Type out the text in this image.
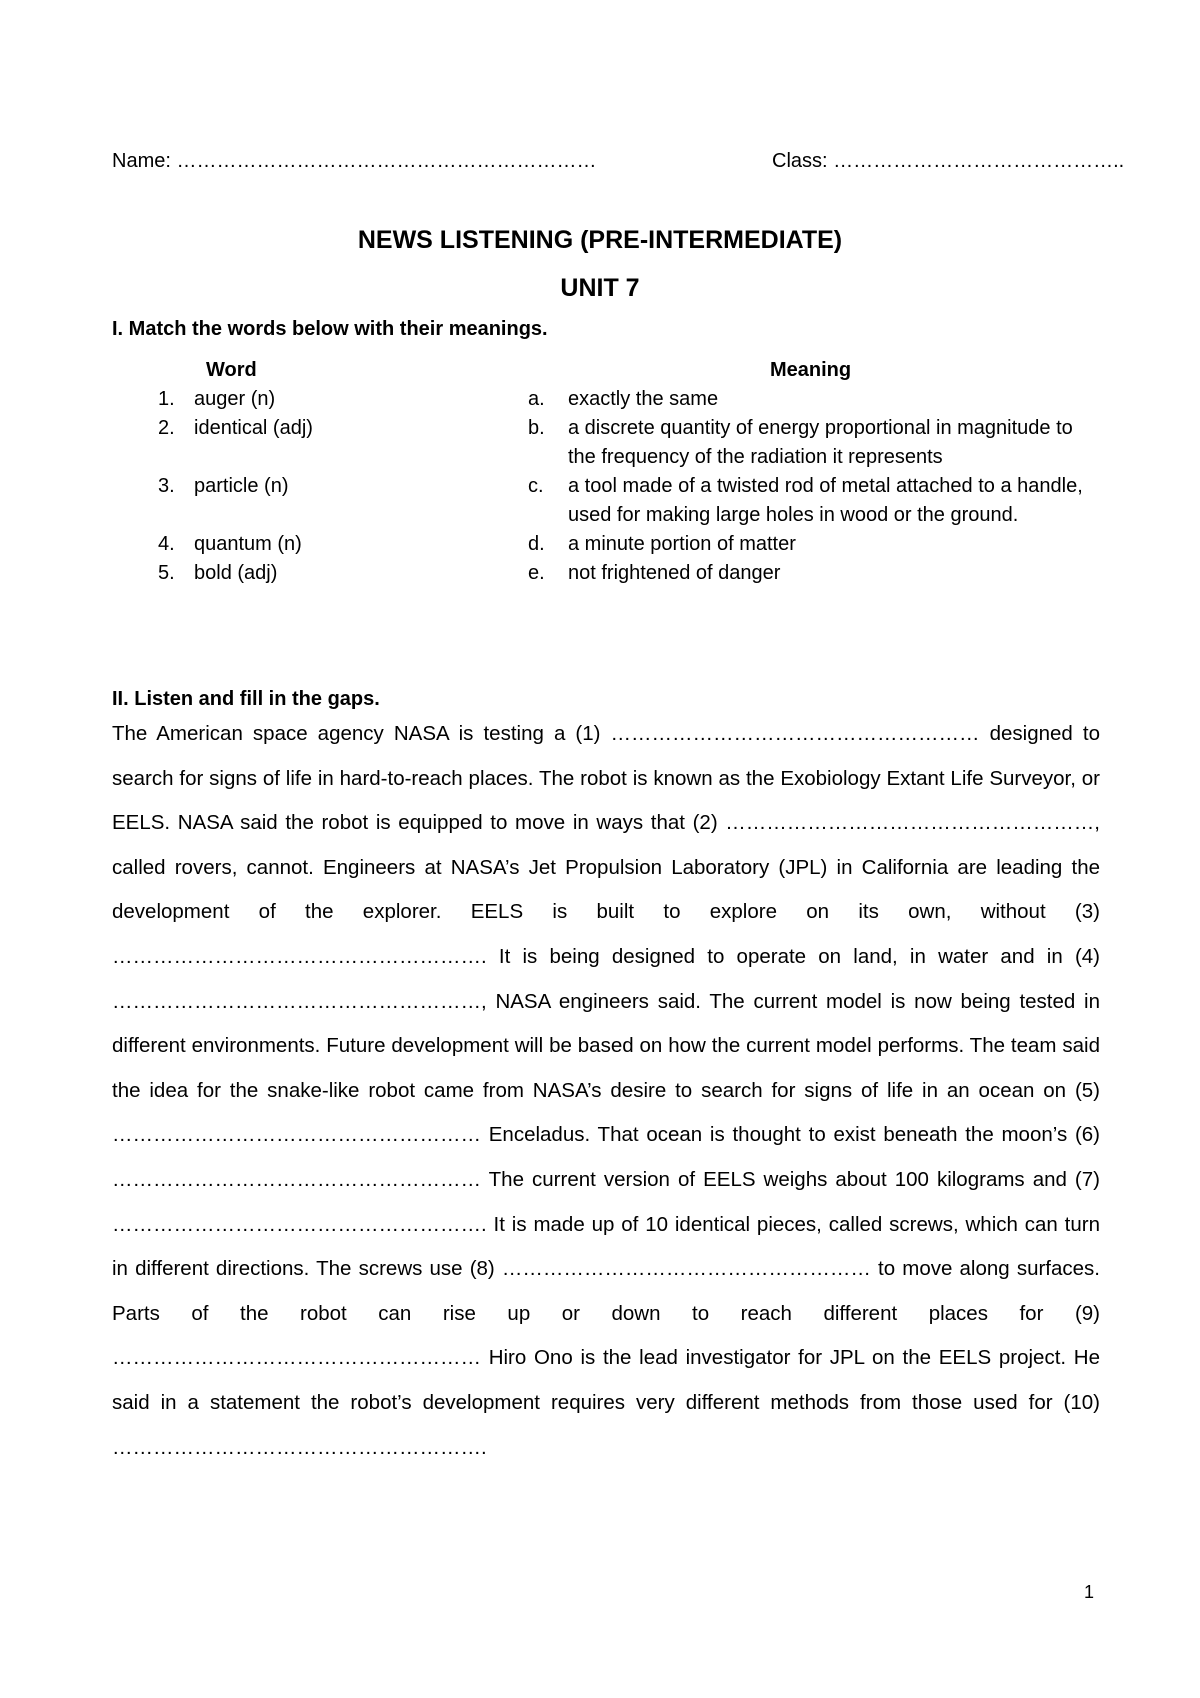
Name: ………………………………………………………	Class: ……………………………………..
NEWS LISTENING (PRE-INTERMEDIATE)
UNIT 7
I. Match the words below with their meanings.
Word	Meaning
1. auger (n)	a.	exactly the same
2. identical (adj)	b.	a discrete quantity of energy proportional in magnitude to the frequency of the radiation it represents
3. particle (n)	c.	a tool made of a twisted rod of metal attached to a handle, used for making large holes in wood or the ground.
4. quantum (n)	d.	a minute portion of matter
5. bold (adj)	e.	not frightened of danger
II. Listen and fill in the gaps.

The American space agency NASA is testing a (1) ……………………………………………… designed to search for signs of life in hard-to-reach places. The robot is known as the Exobiology Extant Life Surveyor, or EELS. NASA said the robot is equipped to move in ways that (2) ………………………………………………, called rovers, cannot. Engineers at NASA’s Jet Propulsion Laboratory (JPL) in California are leading the development of the explorer. EELS is built to explore on its own, without (3) ………………………………………………. It is being designed to operate on land, in water and in (4) ………………………………………………, NASA engineers said. The current model is now being tested in different environments. Future development will be based on how the current model performs. The team said the idea for the snake-like robot came from NASA’s desire to search for signs of life in an ocean on (5) ……………………………………………… Enceladus. That ocean is thought to exist beneath the moon’s (6) ……………………………………………… The current version of EELS weighs about 100 kilograms and (7) ………………………………………………. It is made up of 10 identical pieces, called screws, which can turn in different directions. The screws use (8) ……………………………………………… to move along surfaces. Parts of the robot can rise up or down to reach different places for (9) ……………………………………………… Hiro Ono is the lead investigator for JPL on the EELS project. He said in a statement the robot’s development requires very different methods from those used for (10) ……………………………………………….

1
